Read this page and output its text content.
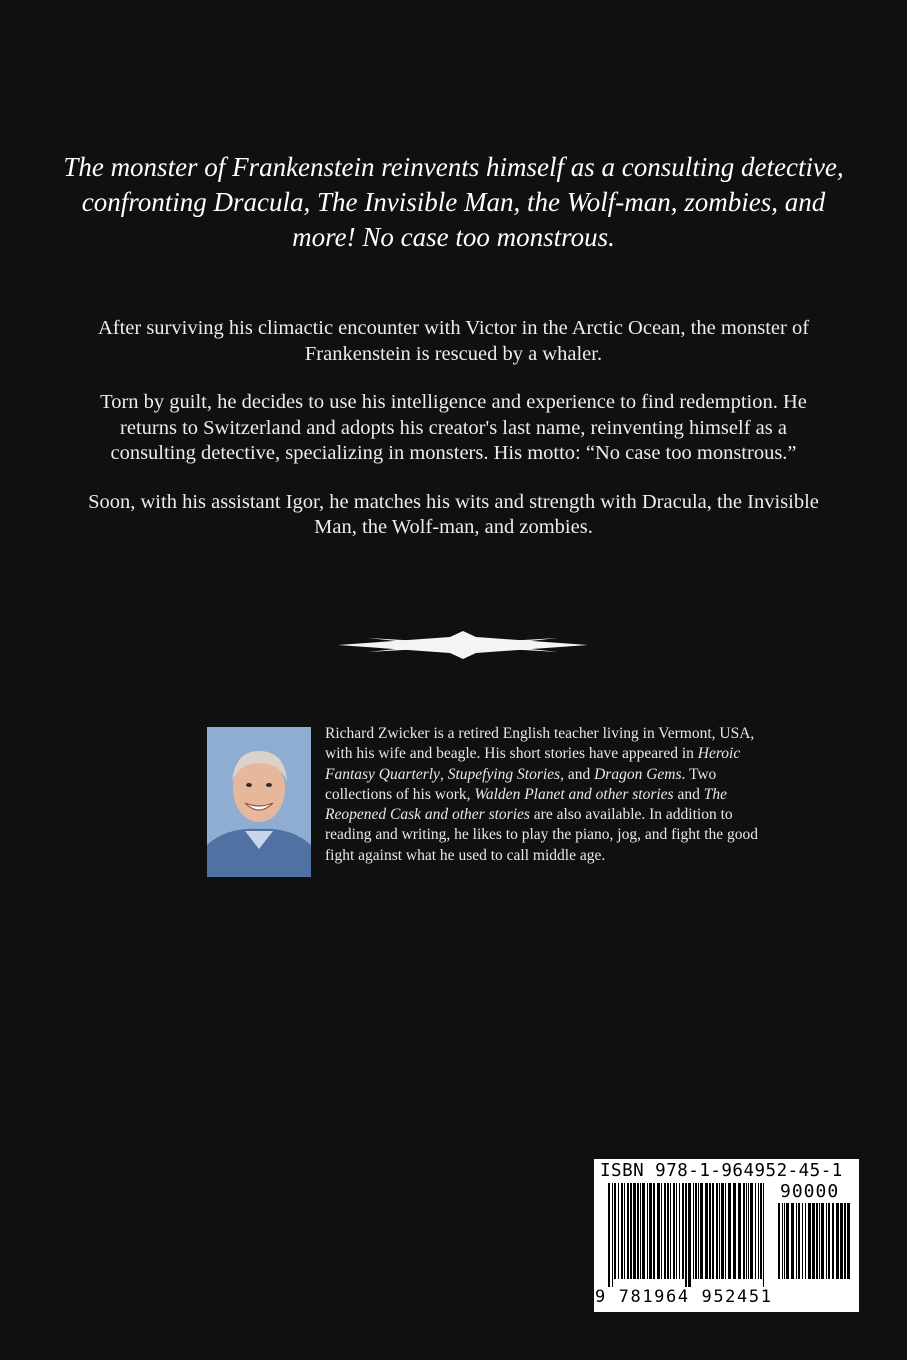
The monster of Frankenstein reinvents himself as a consulting detective, confronting Dracula, The Invisible Man, the Wolf-man, zombies, and more! No case too monstrous.

After surviving his climactic encounter with Victor in the Arctic Ocean, the monster of Frankenstein is rescued by a whaler.

Torn by guilt, he decides to use his intelligence and experience to find redemption. He returns to Switzerland and adopts his creator's last name, reinventing himself as a consulting detective, specializing in monsters. His motto: “No case too monstrous.”

Soon, with his assistant Igor, he matches his wits and strength with Dracula, the Invisible Man, the Wolf-man, and zombies.

Richard Zwicker is a retired English teacher living in Vermont, USA, with his wife and beagle. His short stories have appeared in Heroic Fantasy Quarterly, Stupefying Stories, and Dragon Gems. Two collections of his work, Walden Planet and other stories and The Reopened Cask and other stories are also available. In addition to reading and writing, he likes to play the piano, jog, and fight the good fight against what he used to call middle age.

ISBN 978-1-964952-45-1
90000
9 781964 952451
